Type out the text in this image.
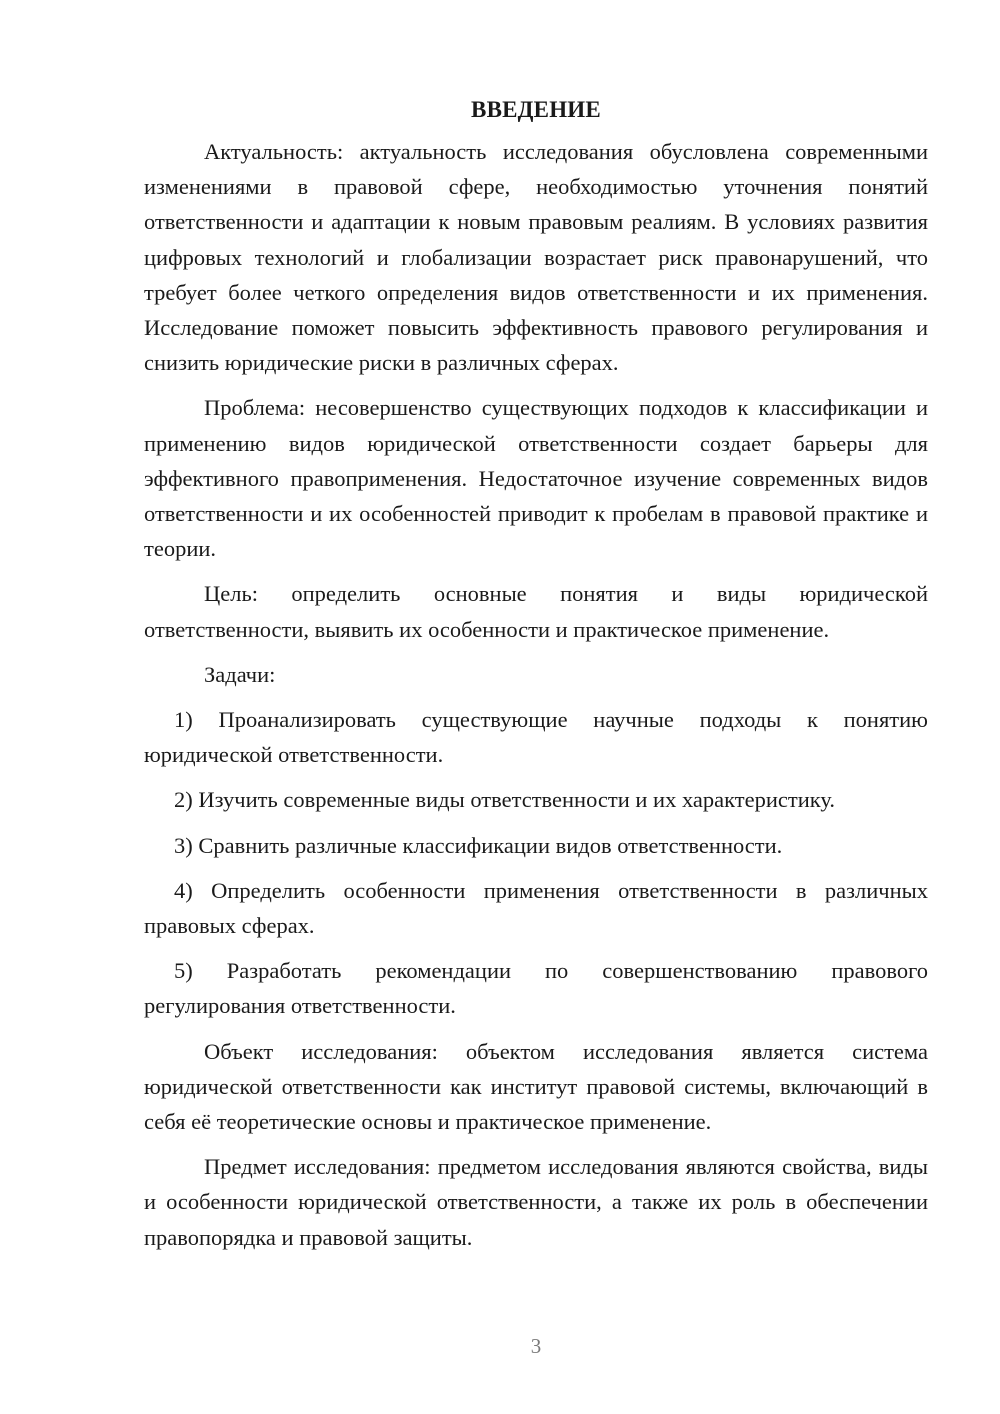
ВВЕДЕНИЕ

Актуальность: актуальность исследования обусловлена современными изменениями в правовой сфере, необходимостью уточнения понятий ответственности и адаптации к новым правовым реалиям. В условиях развития цифровых технологий и глобализации возрастает риск правонарушений, что требует более четкого определения видов ответственности и их применения. Исследование поможет повысить эффективность правового регулирования и снизить юридические риски в различных сферах.

Проблема: несовершенство существующих подходов к классификации и применению видов юридической ответственности создает барьеры для эффективного правоприменения. Недостаточное изучение современных видов ответственности и их особенностей приводит к пробелам в правовой практике и теории.

Цель: определить основные понятия и виды юридической ответственности, выявить их особенности и практическое применение.

Задачи:

1) Проанализировать существующие научные подходы к понятию юридической ответственности.

2) Изучить современные виды ответственности и их характеристику.

3) Сравнить различные классификации видов ответственности.

4) Определить особенности применения ответственности в различных правовых сферах.

5) Разработать рекомендации по совершенствованию правового регулирования ответственности.

Объект исследования: объектом исследования является система юридической ответственности как институт правовой системы, включающий в себя её теоретические основы и практическое применение.

Предмет исследования: предметом исследования являются свойства, виды и особенности юридической ответственности, а также их роль в обеспечении правопорядка и правовой защиты.

3
